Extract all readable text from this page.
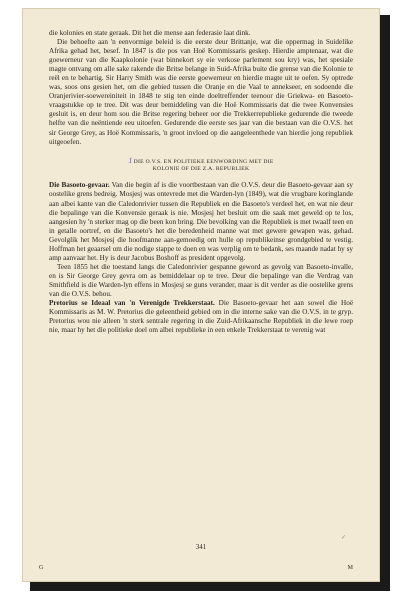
die kolonies en state geraak. Dit het die mense aan federasie laat dink.

Die behoefte aan 'n eenvormige beleid is die eerste deur Brittanje, wat die oppermag in Suidelike Afrika gehad het, besef. In 1847 is die pos van Hoë Kommissaris geskep. Hierdie amptenaar, wat die goewerneur van die Kaapkolonie (wat binnekort sy eie verkose parlement sou kry) was, het spesiale magte ontvang om alle sake rakende die Britse belange in Suid-Afrika buite die grense van die Kolonie te reël en te behartig. Sir Harry Smith was die eerste goewerneur en hierdie magte uit te oefen. Sy optrede was, soos ons gesien het, om die gebied tussen die Oranje en die Vaal te annekseer, en sodoende die Oranjerivier-soewereiniteit in 1848 te stig ten einde doeltreffender teenoor die Griekwa- en Basoeto-vraagstukke op te tree. Dit was deur bemiddeling van die Hoë Kommissaris dat die twee Konvensies gesluit is, en deur hom sou die Britse regering beheer oor die Trekkerrepublieke gedurende die tweede helfte van die neëntiende eeu uitoefen. Gedurende die eerste ses jaar van die bestaan van die O.V.S. het sir George Grey, as Hoë Kommissaris, 'n groot invloed op die aangeleenthede van hierdie jong republiek uitgeoefen.

1DIE O.V.S. EN POLITIEKE EENWORDING MET DIE
KOLONIE OF DIE Z.A. REPUBLIEK

Die Basoeto-gevaar. Van die begin af is die voortbestaan van die O.V.S. deur die Basoeto-gevaar aan sy oostelike grens bedreig. Mosjesj was ontevrede met die Warden-lyn (1849), wat die vrugbare koringlande aan albei kante van die Caledonrivier tussen die Republiek en die Basoeto's verdeel het, en wat nie deur die bepalinge van die Konvensie geraak is nie. Mosjesj het besluit om die saak met geweld op te los, aangesien hy 'n sterker mag op die been kon bring. Die bevolking van die Republiek is met twaalf teen en in getalle oortref, en die Basoeto's het die beredenheid manne wat met gewere gewapen was, gehad. Gevolglik het Mosjesj die hoofmanne aan-gemoedig om hulle op republikeinse grondgebied te vestig. Hoffman het geaarsel om die nodige stappe te doen en was verplig om te bedank, ses maande nadat hy sy amp aanvaar het. Hy is deur Jacobus Boshoff as president opgevolg.

Teen 1855 het die toestand langs die Caledonrivier gespanne geword as gevolg van Basoeto-invalle, en is Sir George Grey gevra om as bemiddelaar op te tree. Deur die bepalinge van die Verdrag van Smithfield is die Warden-lyn effens in Mosjesj se guns verander, maar is dit verder as die oostelike grens van die O.V.S. behou.

Pretorius se Ideaal van 'n Verenigde Trekkerstaat. Die Basoeto-gevaar het aan sowel die Hoë Kommissaris as M. W. Pretorius die geleentheid gebied om in die interne sake van die O.V.S. in te gryp. Pretorius wou nie alleen 'n sterk sentrale regering in die Zuid-Afrikaansche Republiek in die lewe roep nie, maar hy het die politieke doel om albei republieke in een enkele Trekkerstaat te verenig wat

✓
341
G	M
